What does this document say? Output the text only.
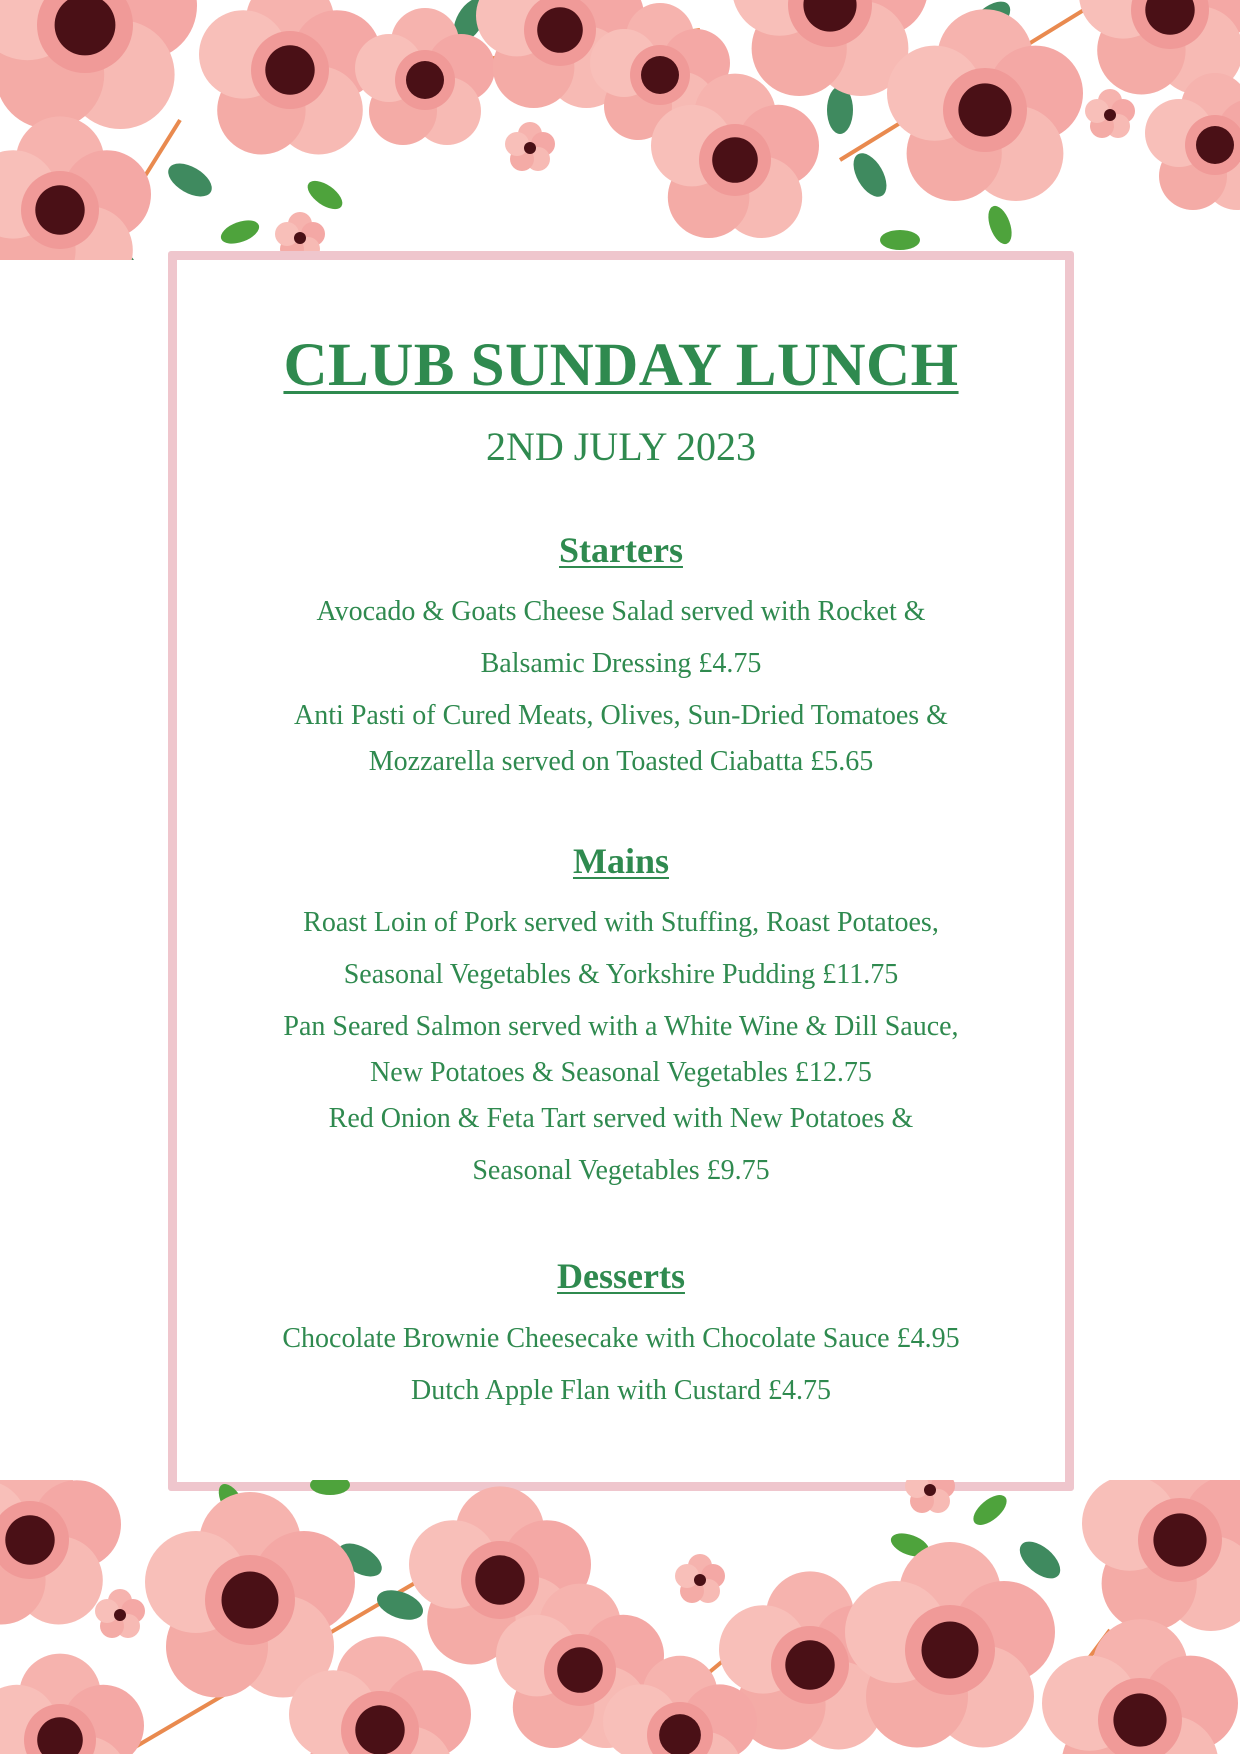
CLUB SUNDAY LUNCH
2ND JULY 2023
Starters
Avocado & Goats Cheese Salad served with Rocket &
Balsamic Dressing £4.75
Anti Pasti of Cured Meats, Olives, Sun-Dried Tomatoes &
Mozzarella served on Toasted Ciabatta £5.65
Mains
Roast Loin of Pork served with Stuffing, Roast Potatoes,
Seasonal Vegetables & Yorkshire Pudding £11.75
Pan Seared Salmon served with a White Wine & Dill Sauce,
New Potatoes & Seasonal Vegetables £12.75
Red Onion & Feta Tart served with New Potatoes &
Seasonal Vegetables £9.75
Desserts
Chocolate Brownie Cheesecake with Chocolate Sauce £4.95
Dutch Apple Flan with Custard £4.75
